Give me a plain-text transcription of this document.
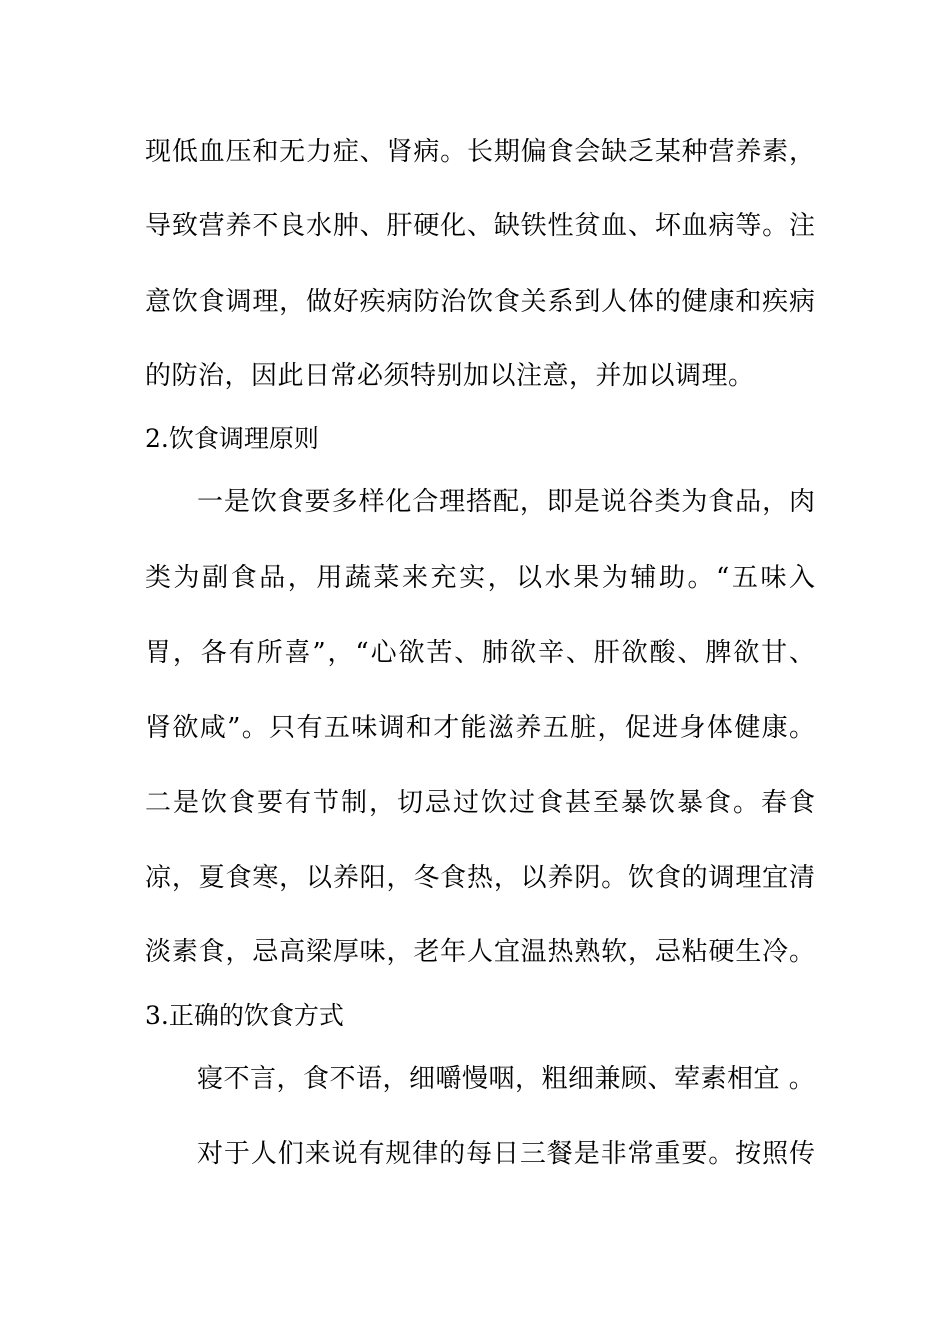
现低血压和无力症、肾病。长期偏食会缺乏某种营养素，
导致营养不良水肿、肝硬化、缺铁性贫血、坏血病等。注
意饮食调理，做好疾病防治饮食关系到人体的健康和疾病
的防治，因此日常必须特别加以注意，并加以调理。
2.饮食调理原则
一是饮食要多样化合理搭配，即是说谷类为食品，肉
类为副食品，用蔬菜来充实，以水果为辅助。“五味入
胃，各有所喜”，“心欲苦、肺欲辛、肝欲酸、脾欲甘、
肾欲咸”。只有五味调和才能滋养五脏，促进身体健康。
二是饮食要有节制，切忌过饮过食甚至暴饮暴食。春食
凉，夏食寒，以养阳，冬食热，以养阴。饮食的调理宜清
淡素食，忌高梁厚味，老年人宜温热熟软，忌粘硬生冷。
3.正确的饮食方式
寝不言，食不语，细嚼慢咽，粗细兼顾、荤素相宜 。
对于人们来说有规律的每日三餐是非常重要。按照传
